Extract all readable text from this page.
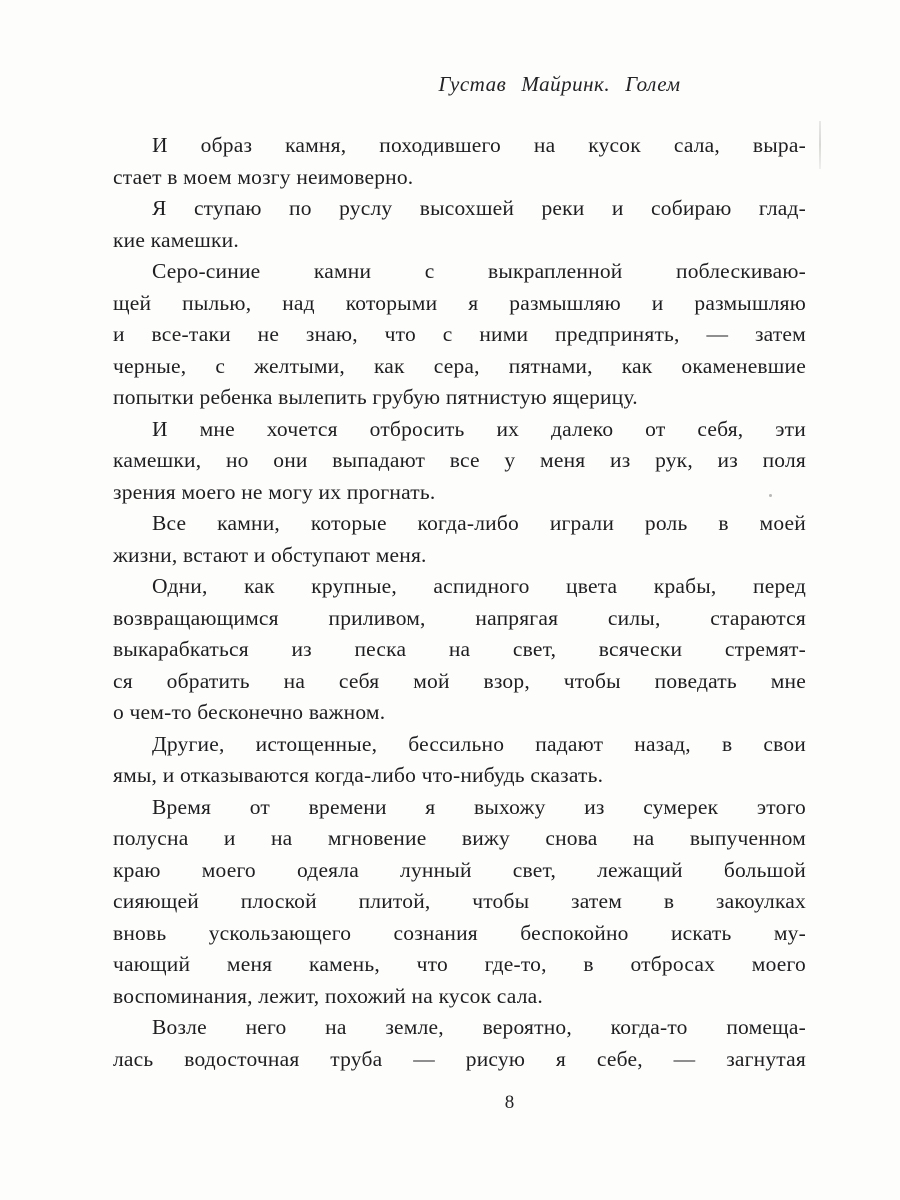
Густав Майринк. Голем
И образ камня, походившего на кусок сала, выра-
стает в моем мозгу неимоверно.
Я ступаю по руслу высохшей реки и собираю глад-
кие камешки.
Серо-синие камни с выкрапленной поблескиваю-
щей пылью, над которыми я размышляю и размышляю
и все-таки не знаю, что с ними предпринять, — затем
черные, с желтыми, как сера, пятнами, как окаменевшие
попытки ребенка вылепить грубую пятнистую ящерицу.
И мне хочется отбросить их далеко от себя, эти
камешки, но они выпадают все у меня из рук, из поля
зрения моего не могу их прогнать.
Все камни, которые когда-либо играли роль в моей
жизни, встают и обступают меня.
Одни, как крупные, аспидного цвета крабы, перед
возвращающимся приливом, напрягая силы, стараются
выкарабкаться из песка на свет, всячески стремят-
ся обратить на себя мой взор, чтобы поведать мне
о чем-то бесконечно важном.
Другие, истощенные, бессильно падают назад, в свои
ямы, и отказываются когда-либо что-нибудь сказать.
Время от времени я выхожу из сумерек этого
полусна и на мгновение вижу снова на выпученном
краю моего одеяла лунный свет, лежащий большой
сияющей плоской плитой, чтобы затем в закоулках
вновь ускользающего сознания беспокойно искать му-
чающий меня камень, что где-то, в отбросах моего
воспоминания, лежит, похожий на кусок сала.
Возле него на земле, вероятно, когда-то помеща-
лась водосточная труба — рисую я себе, — загнутая
8
